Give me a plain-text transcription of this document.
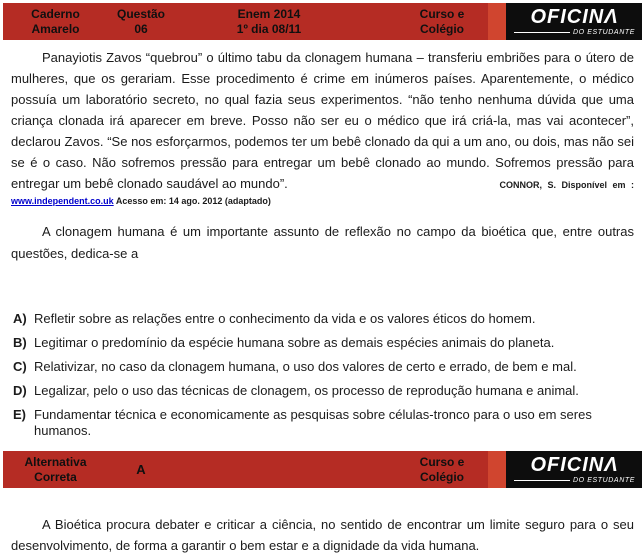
Caderno
Amarelo
Questão
06
Enem 2014
1º dia 08/11
Curso e
Colégio
OFICINΛ
DO ESTUDANTE

Panayiotis Zavos “quebrou” o último tabu da clonagem humana – transferiu embriões para o útero de mulheres, que os gerariam. Esse procedimento é crime em inúmeros países. Aparentemente, o médico possuía um laboratório secreto, no qual fazia seus experimentos. “não tenho nenhuma dúvida que uma criança clonada irá aparecer em breve. Posso não ser eu o médico que irá criá-la, mas vai acontecer”, declarou Zavos. “Se nos esforçarmos, podemos ter um bebê clonado da qui a um ano, ou dois, mas não sei se é o caso. Não sofremos pressão para entregar um bebê clonado ao mundo. Sofremos pressão para entregar um bebê clonado saudável ao mundo”.	CONNOR, S. Disponível em :

www.independent.co.uk Acesso em: 14 ago. 2012 (adaptado)

A clonagem humana é um importante assunto de reflexão no campo da bioética que, entre outras questões, dedica-se a

A) Refletir sobre as relações entre o conhecimento da vida e os valores éticos do homem.
B) Legitimar o predomínio da espécie humana sobre as demais espécies animais do planeta.
C) Relativizar, no caso da clonagem humana, o uso dos valores de certo e errado, de bem e mal.
D) Legalizar, pelo o uso das técnicas de clonagem, os processo de reprodução humana e animal.
E) Fundamentar técnica e economicamente as pesquisas sobre células-tronco para o uso em seres humanos.
Alternativa
Correta	A
Curso e
Colégio
OFICINΛ
DO ESTUDANTE

A Bioética procura debater e criticar a ciência, no sentido de encontrar um limite seguro para o seu desenvolvimento, de forma a garantir o bem estar e a dignidade da vida humana.
